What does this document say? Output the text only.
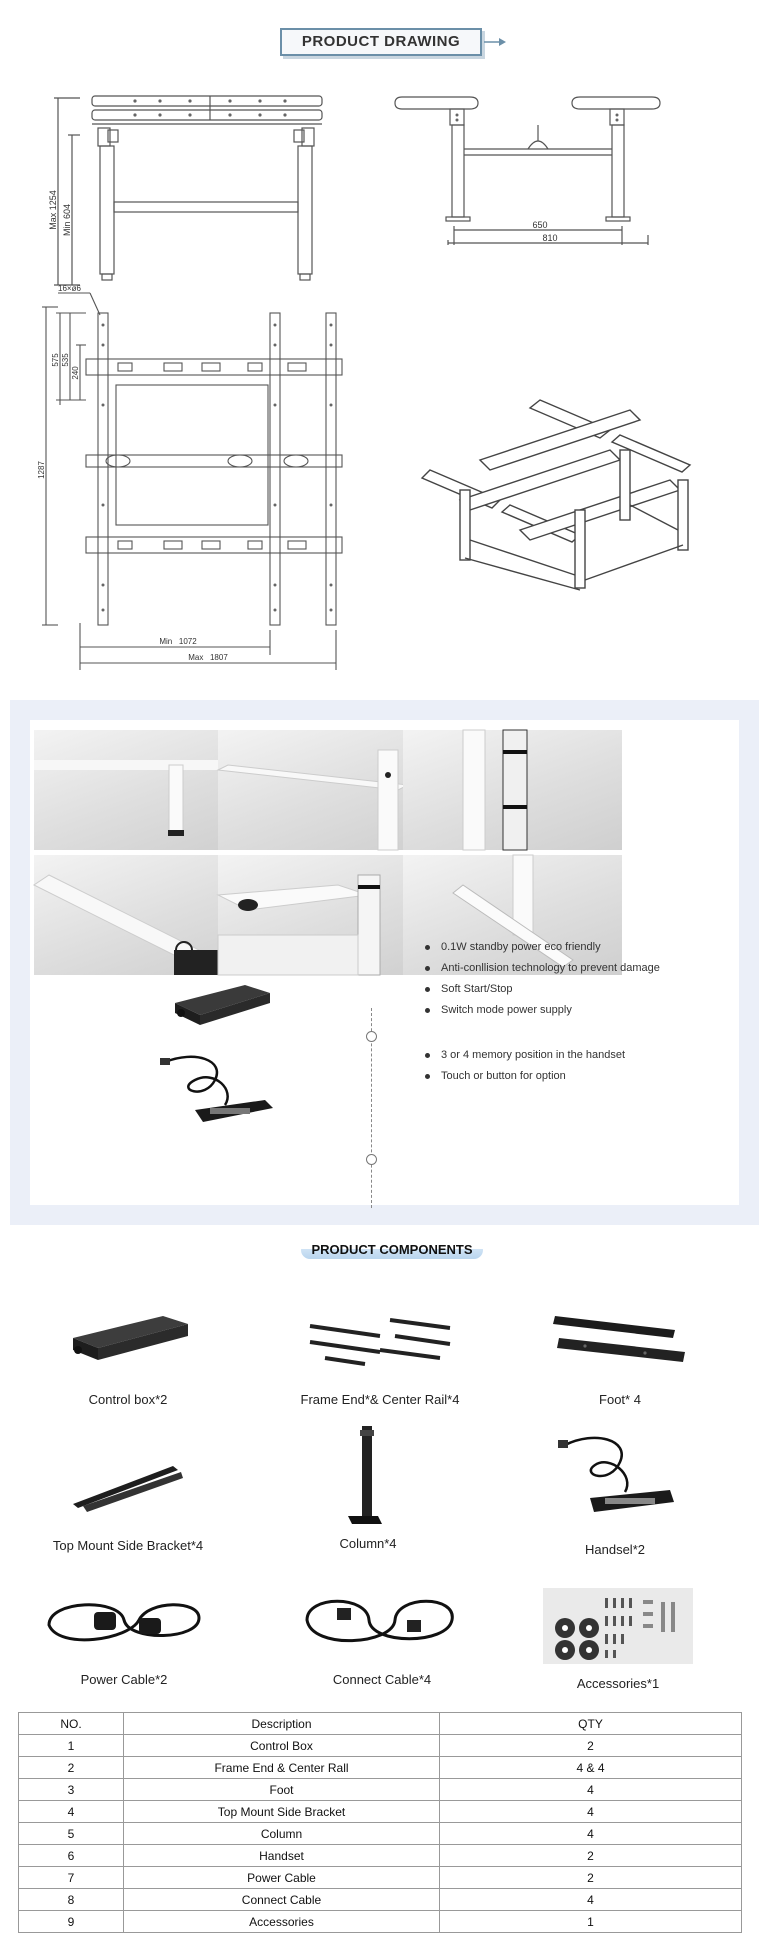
PRODUCT DRAWING
Max 1254 Min 604	650
810
16×ø6
575 535
240
1287
Min   1072
Max   1807
0.1W standby power eco friendly
Anti-conllision technology to prevent damage
Soft Start/Stop
Switch mode power supply
3 or 4 memory position in the handset
Touch or button for option
PRODUCT COMPONENTS
Control box*2	Frame End*& Center Rail*4	Foot* 4
Top Mount Side Bracket*4	Column*4	Handsel*2
Power Cable*2	Connect Cable*4	Accessories*1
NO.	Description	QTY
1	Control Box	2
2	Frame End & Center Rall	4 & 4
3	Foot	4
4	Top Mount Side Bracket	4
5	Column	4
6	Handset	2
7	Power Cable	2
8	Connect Cable	4
9	Accessories	1
